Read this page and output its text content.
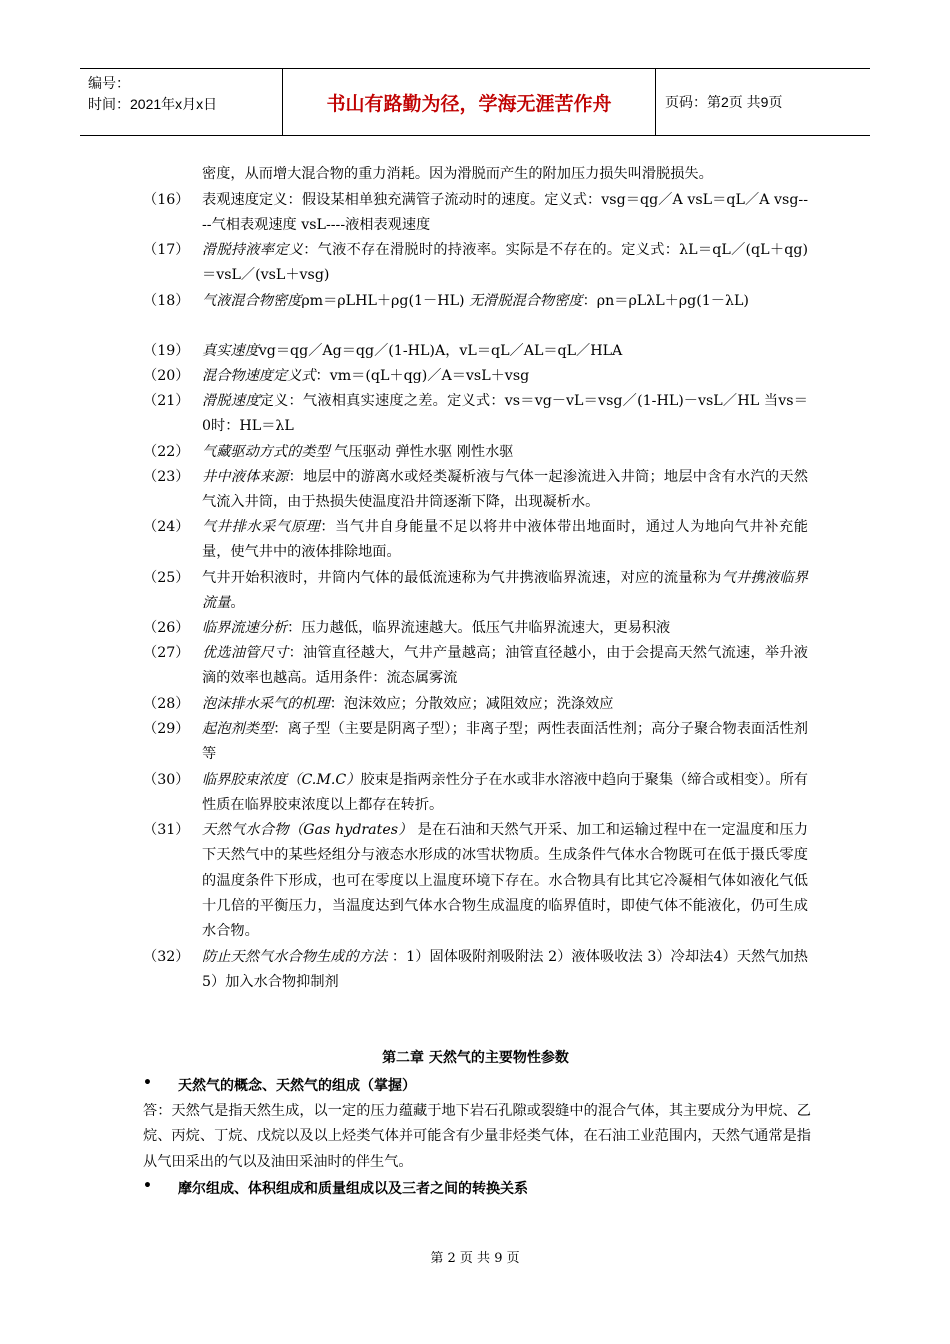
编号：
时间：2021年x月x日	书山有路勤为径，学海无涯苦作舟	页码：第2页 共9页
密度，从而增大混合物的重力消耗。因为滑脱而产生的附加压力损失叫滑脱损失。
（16） 表观速度定义：假设某相单独充满管子流动时的速度。定义式：vsg＝qg／A vsL＝qL／A vsg----气相表观速度 vsL----液相表观速度
（17） 滑脱持液率定义：气液不存在滑脱时的持液率。实际是不存在的。定义式：λL＝qL／(qL＋qg)＝vsL／(vsL＋vsg)
（18） 气液混合物密度ρm＝ρLHL＋ρg(1－HL) 无滑脱混合物密度：ρn＝ρLλL＋ρg(1－λL)
（19） 真实速度vg＝qg／Ag＝qg／(1-HL)A，vL＝qL／AL＝qL／HLA
（20） 混合物速度定义式：vm＝(qL＋qg)／A＝vsL＋vsg
（21） 滑脱速度定义：气液相真实速度之差。定义式：vs＝vg－vL＝vsg／(1-HL)－vsL／HL 当vs＝0时：HL＝λL
（22） 气藏驱动方式的类型 气压驱动 弹性水驱 刚性水驱
（23） 井中液体来源：地层中的游离水或烃类凝析液与气体一起渗流进入井筒；地层中含有水汽的天然气流入井筒，由于热损失使温度沿井筒逐渐下降，出现凝析水。
（24） 气井排水采气原理：当气井自身能量不足以将井中液体带出地面时，通过人为地向气井补充能量，使气井中的液体排除地面。
（25） 气井开始积液时，井筒内气体的最低流速称为气井携液临界流速，对应的流量称为气井携液临界流量。
（26） 临界流速分析：压力越低，临界流速越大。低压气井临界流速大，更易积液
（27） 优选油管尺寸：油管直径越大，气井产量越高；油管直径越小，由于会提高天然气流速，举升液滴的效率也越高。适用条件：流态属雾流
（28） 泡沫排水采气的机理：泡沫效应；分散效应；减阻效应；洗涤效应
（29） 起泡剂类型：离子型（主要是阴离子型）；非离子型；两性表面活性剂；高分子聚合物表面活性剂等
（30） 临界胶束浓度（C.M.C）胶束是指两亲性分子在水或非水溶液中趋向于聚集（缔合或相变）。所有性质在临界胶束浓度以上都存在转折。
（31） 天然气水合物（Gas hydrates） 是在石油和天然气开采、加工和运输过程中在一定温度和压力下天然气中的某些烃组分与液态水形成的冰雪状物质。生成条件气体水合物既可在低于摄氏零度的温度条件下形成，也可在零度以上温度环境下存在。水合物具有比其它冷凝相气体如液化气低十几倍的平衡压力，当温度达到气体水合物生成温度的临界值时，即使气体不能液化，仍可生成水合物。
（32） 防止天然气水合物生成的方法 ：1）固体吸附剂吸附法 2）液体吸收法 3）冷却法4）天然气加热 5）加入水合物抑制剂
第二章 天然气的主要物性参数
• 天然气的概念、天然气的组成（掌握）
答：天然气是指天然生成，以一定的压力蕴藏于地下岩石孔隙或裂缝中的混合气体，其主要成分为甲烷、乙烷、丙烷、丁烷、戊烷以及以上烃类气体并可能含有少量非烃类气体，在石油工业范围内，天然气通常是指从气田采出的气以及油田采油时的伴生气。
• 摩尔组成、体积组成和质量组成以及三者之间的转换关系
第 2 页 共 9 页
